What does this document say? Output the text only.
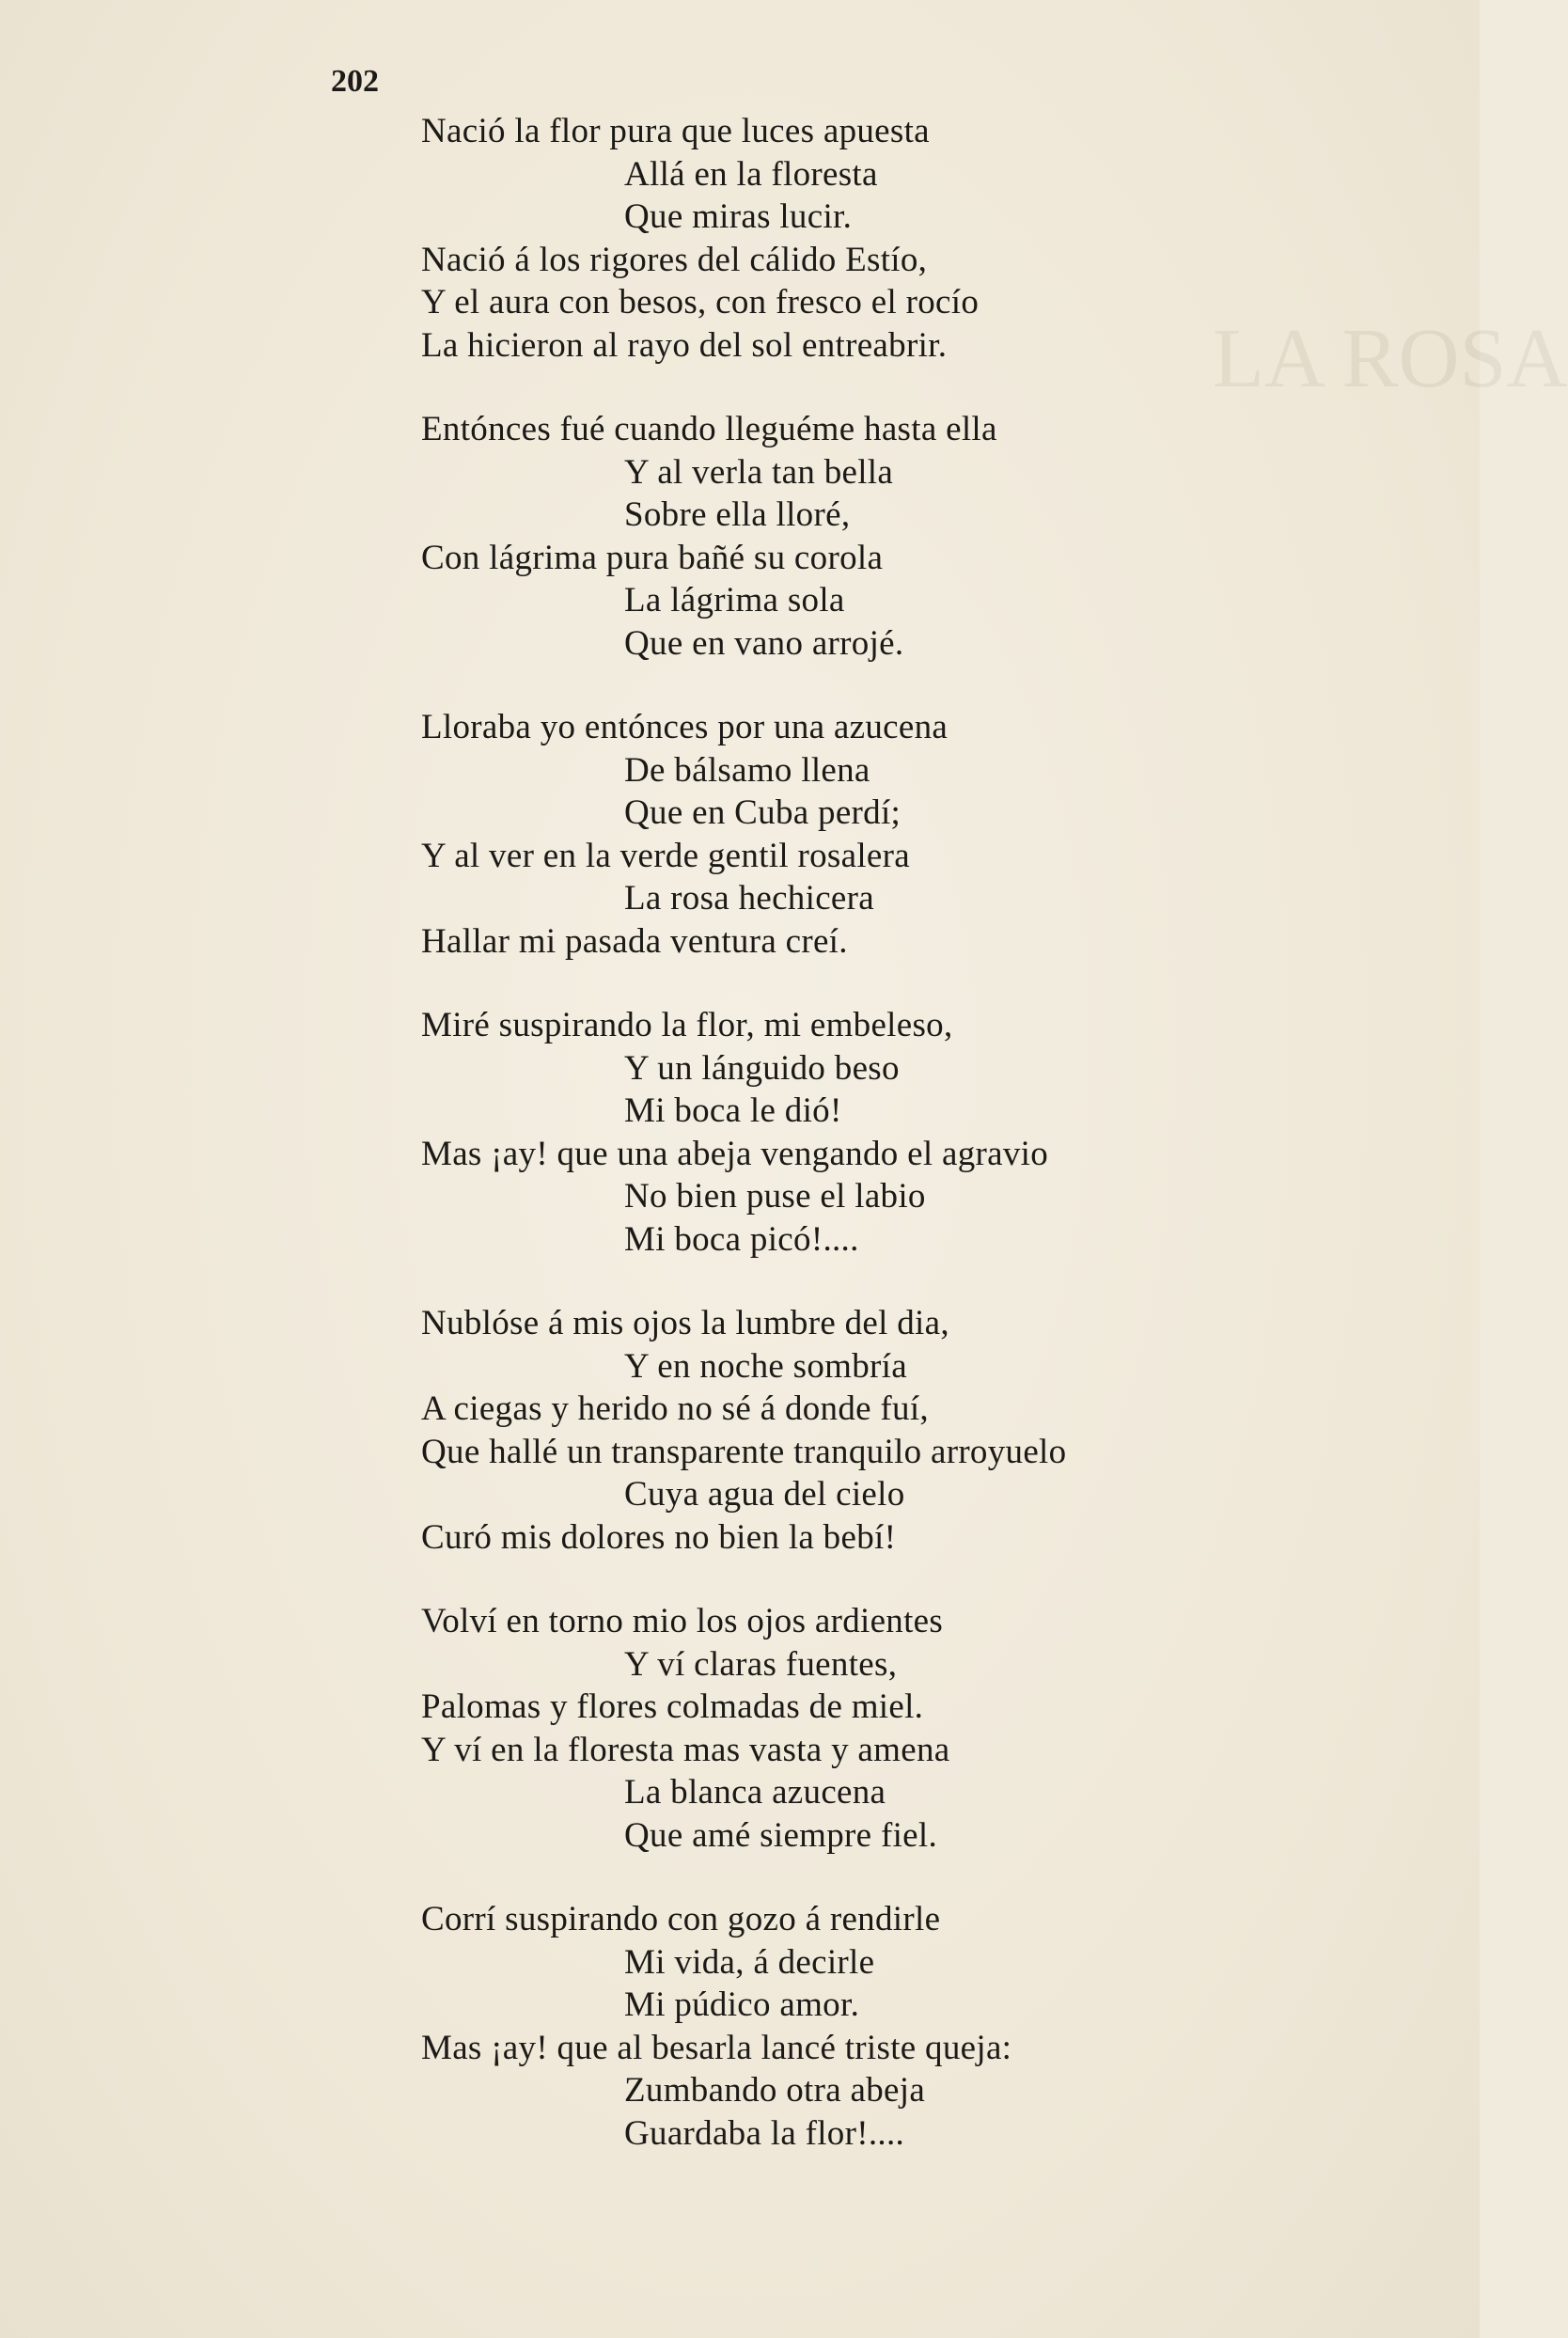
LA ROSA
202
Nació la flor pura que luces apuesta
Allá en la floresta
Que miras lucir.
Nació á los rigores del cálido Estío,
Y el aura con besos, con fresco el rocío
La hicieron al rayo del sol entreabrir.
Entónces fué cuando lleguéme hasta ella
Y al verla tan bella
Sobre ella lloré,
Con lágrima pura bañé su corola
La lágrima sola
Que en vano arrojé.
Lloraba yo entónces por una azucena
De bálsamo llena
Que en Cuba perdí;
Y al ver en la verde gentil rosalera
La rosa hechicera
Hallar mi pasada ventura creí.
Miré suspirando la flor, mi embeleso,
Y un lánguido beso
Mi boca le dió!
Mas ¡ay! que una abeja vengando el agravio
No bien puse el labio
Mi boca picó!....
Nublóse á mis ojos la lumbre del dia,
Y en noche sombría
A ciegas y herido no sé á donde fuí,
Que hallé un transparente tranquilo arroyuelo
Cuya agua del cielo
Curó mis dolores no bien la bebí!
Volví en torno mio los ojos ardientes
Y ví claras fuentes,
Palomas y flores colmadas de miel.
Y ví en la floresta mas vasta y amena
La blanca azucena
Que amé siempre fiel.
Corrí suspirando con gozo á rendirle
Mi vida, á decirle
Mi púdico amor.
Mas ¡ay! que al besarla lancé triste queja:
Zumbando otra abeja
Guardaba la flor!....
